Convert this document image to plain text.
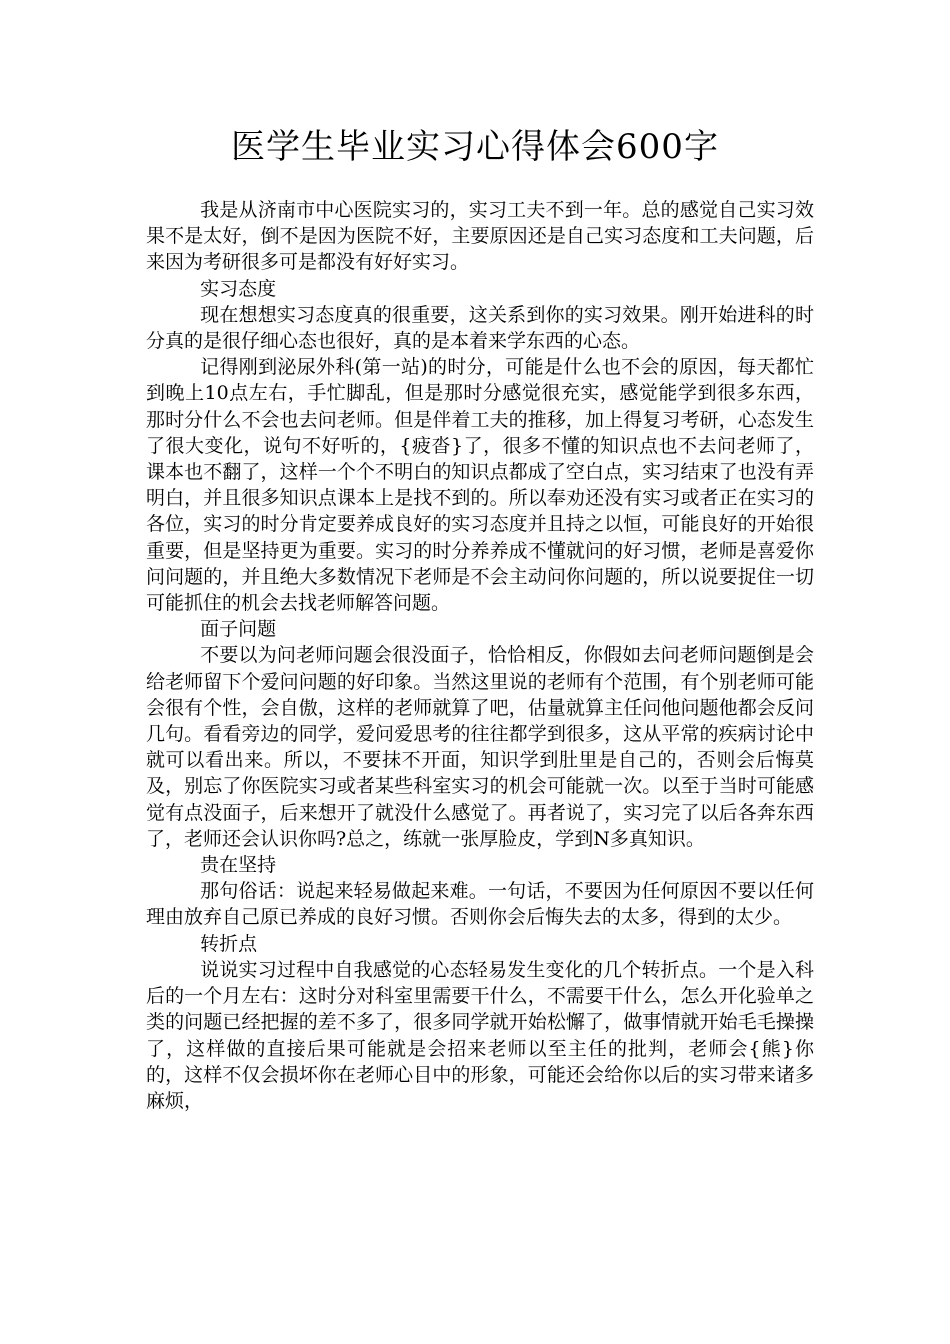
医学生毕业实习心得体会600字

我是从济南市中心医院实习的，实习工夫不到一年。总的感觉自己实习效果不是太好，倒不是因为医院不好，主要原因还是自己实习态度和工夫问题，后来因为考研很多可是都没有好好实习。

实习态度

现在想想实习态度真的很重要，这关系到你的实习效果。刚开始进科的时分真的是很仔细心态也很好，真的是本着来学东西的心态。

记得刚到泌尿外科(第一站)的时分，可能是什么也不会的原因，每天都忙到晚上10点左右，手忙脚乱，但是那时分感觉很充实，感觉能学到很多东西，那时分什么不会也去问老师。但是伴着工夫的推移，加上得复习考研，心态发生了很大变化，说句不好听的，{疲沓}了，很多不懂的知识点也不去问老师了，课本也不翻了，这样一个个不明白的知识点都成了空白点，实习结束了也没有弄明白，并且很多知识点课本上是找不到的。所以奉劝还没有实习或者正在实习的各位，实习的时分肯定要养成良好的实习态度并且持之以恒，可能良好的开始很重要，但是坚持更为重要。实习的时分养养成不懂就问的好习惯，老师是喜爱你问问题的，并且绝大多数情况下老师是不会主动问你问题的，所以说要捉住一切可能抓住的机会去找老师解答问题。

面子问题

不要以为问老师问题会很没面子，恰恰相反，你假如去问老师问题倒是会给老师留下个爱问问题的好印象。当然这里说的老师有个范围，有个别老师可能会很有个性，会自傲，这样的老师就算了吧，估量就算主任问他问题他都会反问几句。看看旁边的同学，爱问爱思考的往往都学到很多，这从平常的疾病讨论中就可以看出来。所以，不要抹不开面，知识学到肚里是自己的，否则会后悔莫及，别忘了你医院实习或者某些科室实习的机会可能就一次。以至于当时可能感觉有点没面子，后来想开了就没什么感觉了。再者说了，实习完了以后各奔东西了，老师还会认识你吗?总之，练就一张厚脸皮，学到N多真知识。

贵在坚持

那句俗话：说起来轻易做起来难。一句话，不要因为任何原因不要以任何理由放弃自己原已养成的良好习惯。否则你会后悔失去的太多，得到的太少。

转折点

说说实习过程中自我感觉的心态轻易发生变化的几个转折点。一个是入科后的一个月左右：这时分对科室里需要干什么，不需要干什么，怎么开化验单之类的问题已经把握的差不多了，很多同学就开始松懈了，做事情就开始毛毛操操了，这样做的直接后果可能就是会招来老师以至主任的批判，老师会{熊}你的，这样不仅会损坏你在老师心目中的形象，可能还会给你以后的实习带来诸多麻烦，
